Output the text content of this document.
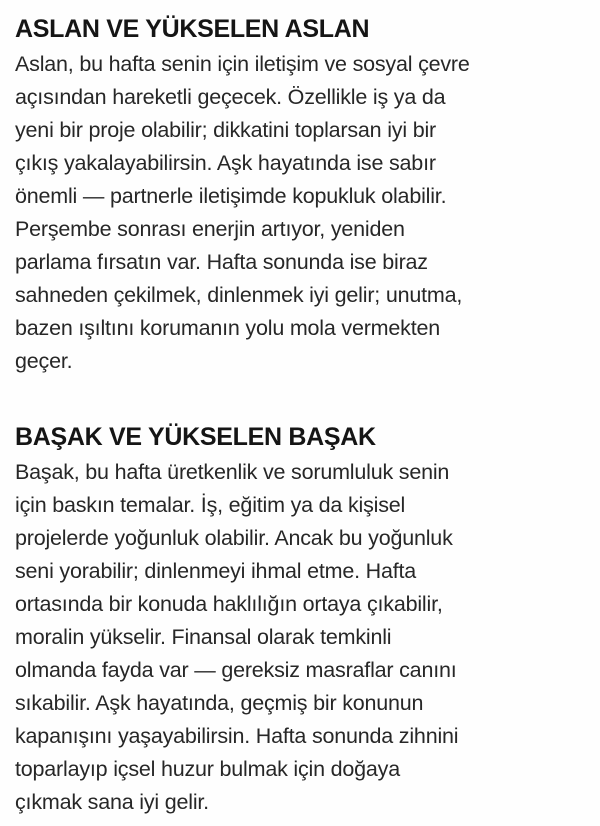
ASLAN VE YÜKSELEN ASLAN
Aslan, bu hafta senin için iletişim ve sosyal çevre
açısından hareketli geçecek. Özellikle iş ya da
yeni bir proje olabilir; dikkatini toplarsan iyi bir
çıkış yakalayabilirsin. Aşk hayatında ise sabır
önemli — partnerle iletişimde kopukluk olabilir.
Perşembe sonrası enerjin artıyor, yeniden
parlama fırsatın var. Hafta sonunda ise biraz
sahneden çekilmek, dinlenmek iyi gelir; unutma,
bazen ışıltını korumanın yolu mola vermekten
geçer.
BAŞAK VE YÜKSELEN BAŞAK
Başak, bu hafta üretkenlik ve sorumluluk senin
için baskın temalar. İş, eğitim ya da kişisel
projelerde yoğunluk olabilir. Ancak bu yoğunluk
seni yorabilir; dinlenmeyi ihmal etme. Hafta
ortasında bir konuda haklılığın ortaya çıkabilir,
moralin yükselir. Finansal olarak temkinli
olmanda fayda var — gereksiz masraflar canını
sıkabilir. Aşk hayatında, geçmiş bir konunun
kapanışını yaşayabilirsin. Hafta sonunda zihnini
toparlayıp içsel huzur bulmak için doğaya
çıkmak sana iyi gelir.
